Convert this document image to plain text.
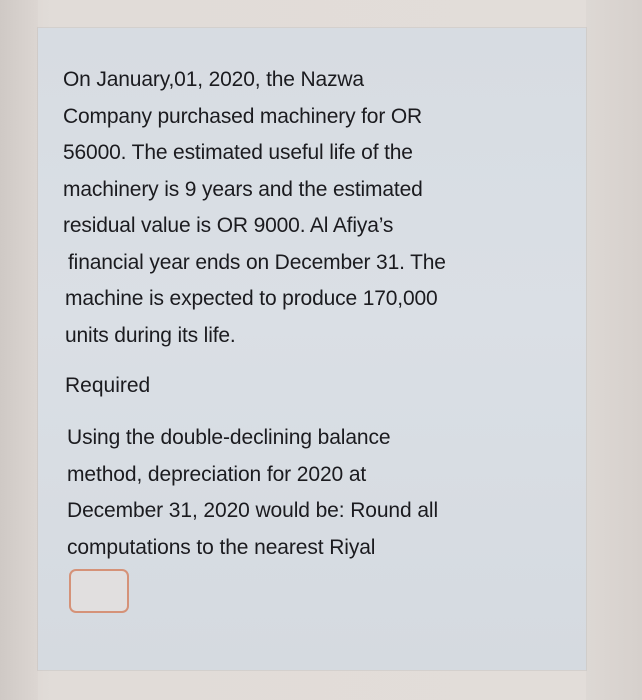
On January,01, 2020, the Nazwa
Company purchased machinery for OR
56000. The estimated useful life of the
machinery is 9 years and the estimated
residual value is OR 9000. Al Afiya’s
financial year ends on December 31. The
machine is expected to produce 170,000
units during its life.
Required
Using the double-declining balance
method, depreciation for 2020 at
December 31, 2020 would be: Round all
computations to the nearest Riyal
